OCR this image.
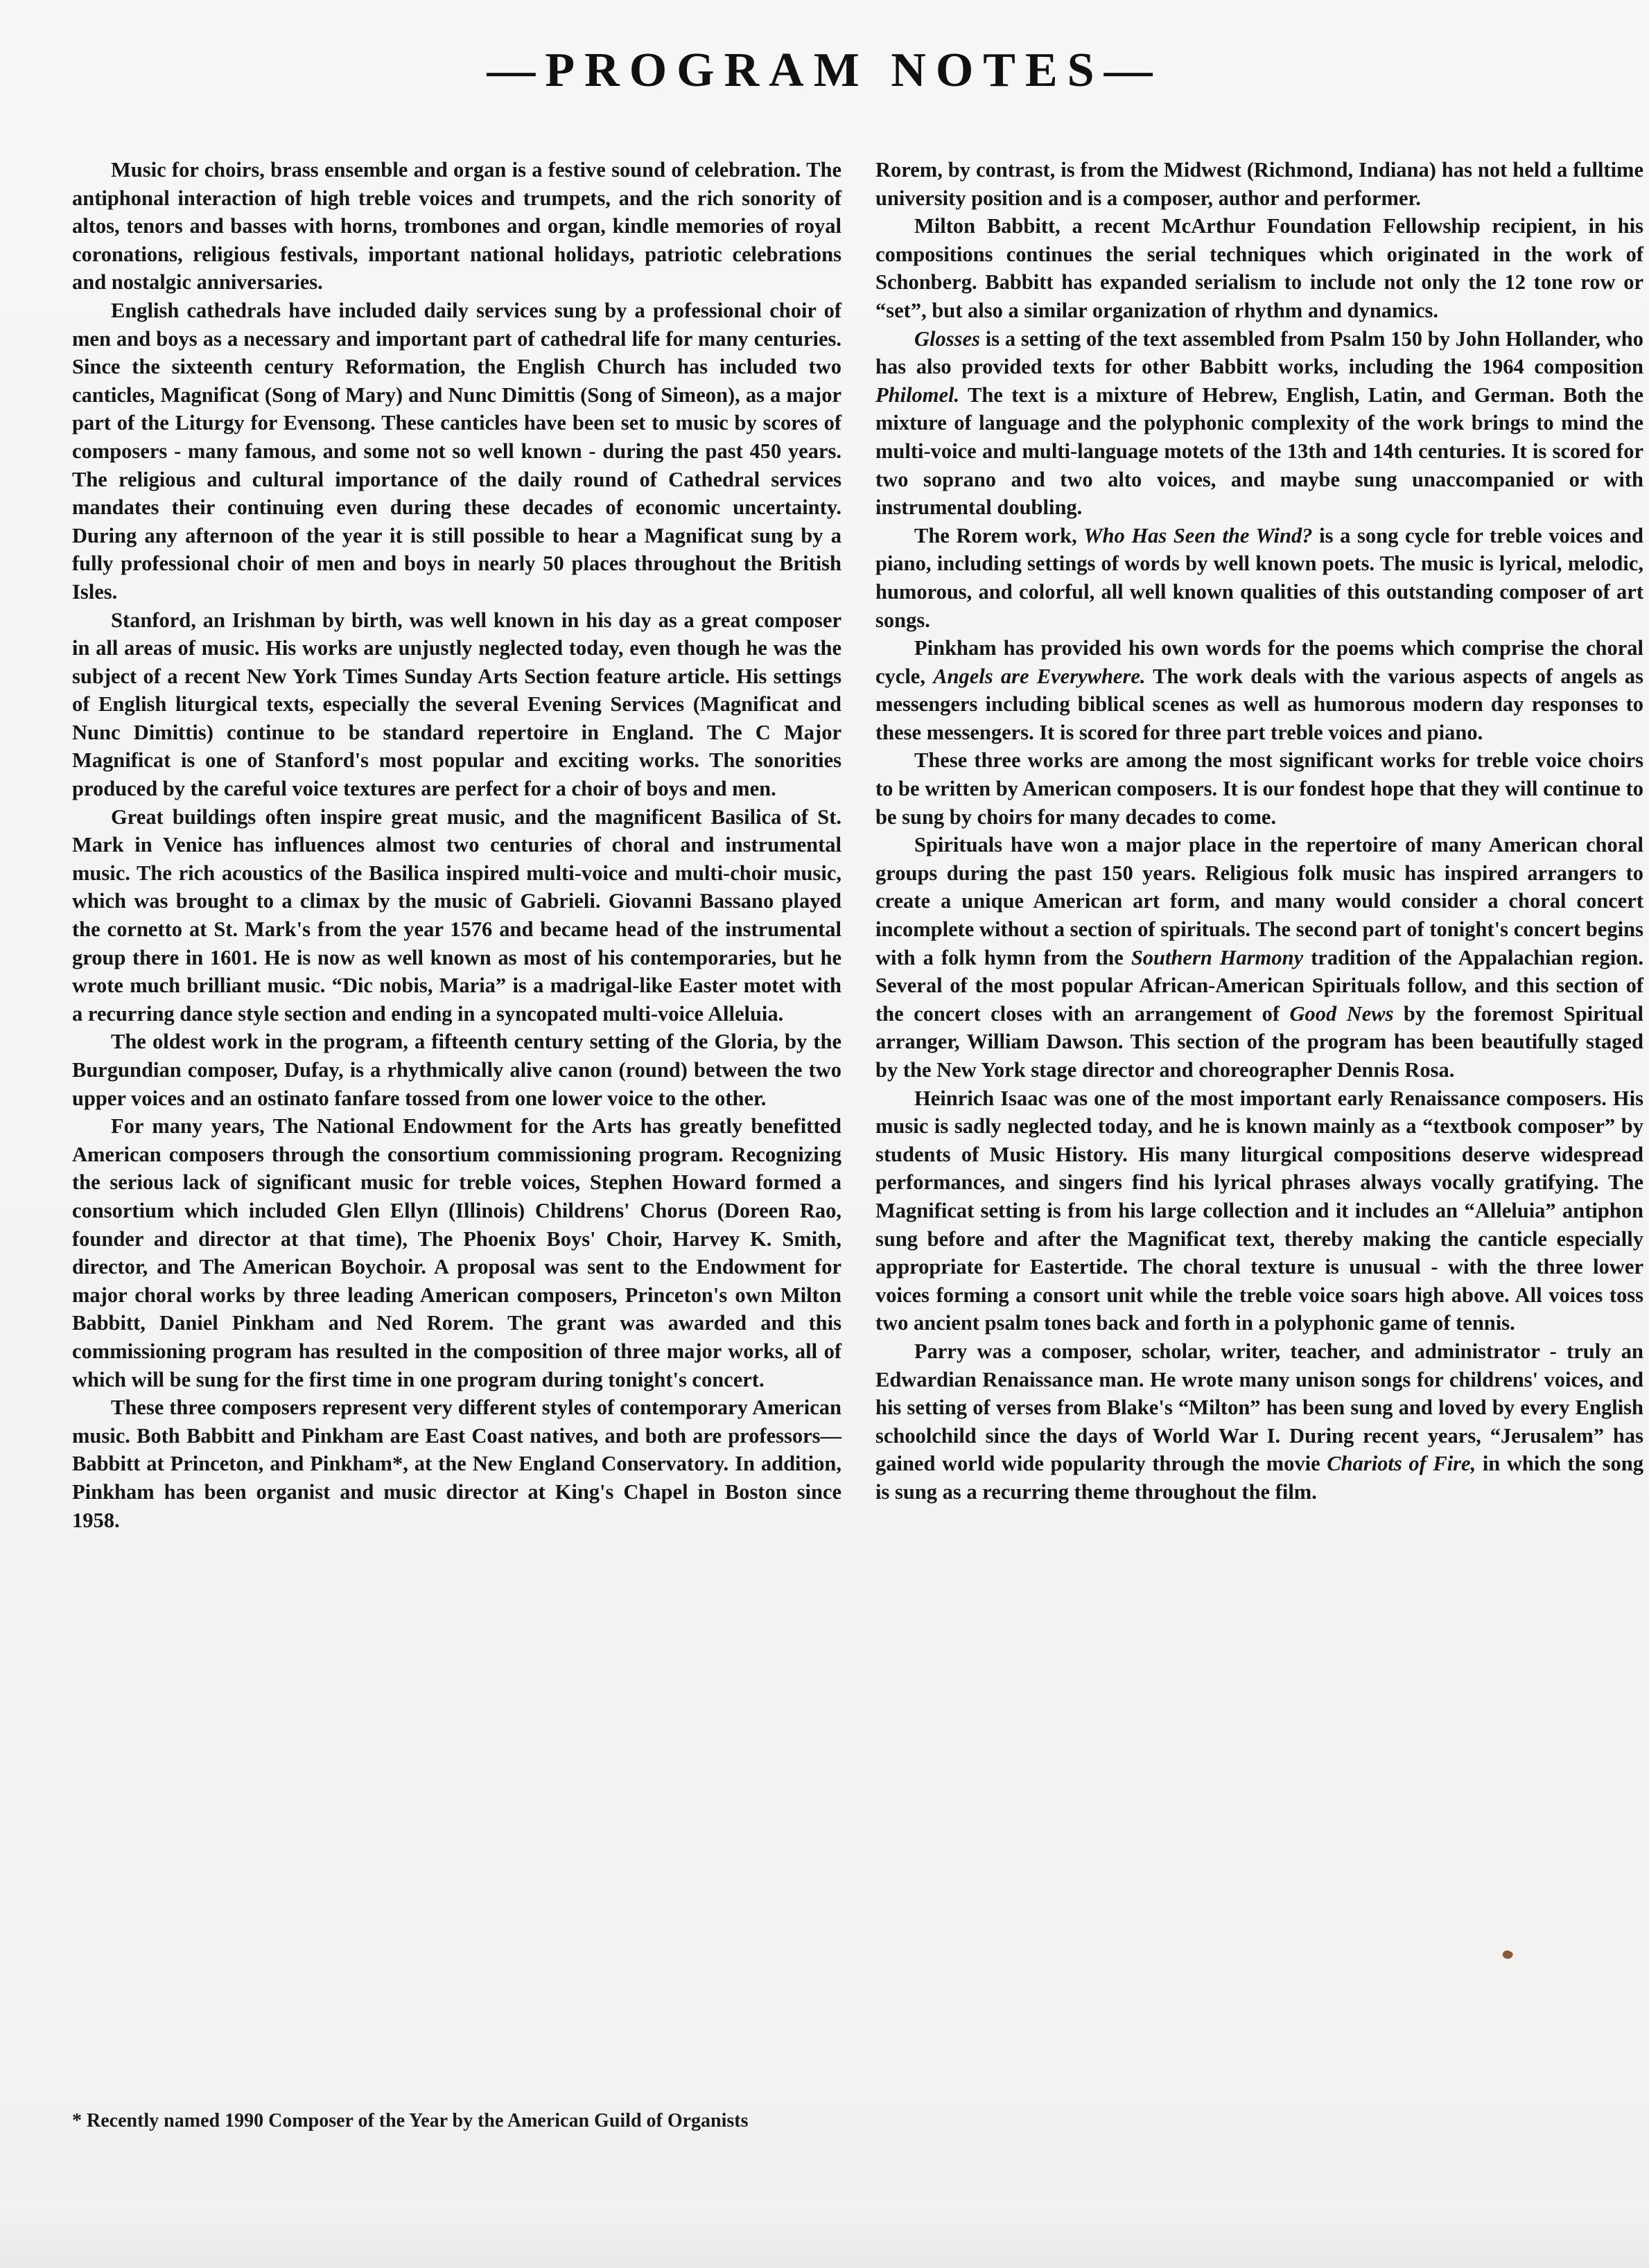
—PROGRAM NOTES—

Music for choirs, brass ensemble and organ is a festive sound of celebration. The antiphonal interaction of high treble voices and trumpets, and the rich sonority of altos, tenors and basses with horns, trombones and organ, kindle memories of royal coronations, religious festivals, important national holidays, patriotic celebrations and nostalgic anniversaries.

English cathedrals have included daily services sung by a professional choir of men and boys as a necessary and important part of cathedral life for many centuries. Since the sixteenth century Reformation, the English Church has included two canticles, Magnificat (Song of Mary) and Nunc Dimittis (Song of Simeon), as a major part of the Liturgy for Evensong. These canticles have been set to music by scores of composers - many famous, and some not so well known - during the past 450 years. The religious and cultural importance of the daily round of Cathedral services mandates their continuing even during these decades of economic uncertainty. During any afternoon of the year it is still possible to hear a Magnificat sung by a fully professional choir of men and boys in nearly 50 places throughout the British Isles.

Stanford, an Irishman by birth, was well known in his day as a great composer in all areas of music. His works are unjustly neglected today, even though he was the subject of a recent New York Times Sunday Arts Section feature article. His settings of English liturgical texts, especially the several Evening Services (Magnificat and Nunc Dimittis) continue to be standard repertoire in England. The C Major Magnificat is one of Stanford's most popular and exciting works. The sonorities produced by the careful voice textures are perfect for a choir of boys and men.

Great buildings often inspire great music, and the magnificent Basilica of St. Mark in Venice has influences almost two centuries of choral and instrumental music. The rich acoustics of the Basilica inspired multi-voice and multi-choir music, which was brought to a climax by the music of Gabrieli. Giovanni Bassano played the cornetto at St. Mark's from the year 1576 and became head of the instrumental group there in 1601. He is now as well known as most of his contemporaries, but he wrote much brilliant music. “Dic nobis, Maria” is a madrigal-like Easter motet with a recurring dance style section and ending in a syncopated multi-voice Alleluia.

The oldest work in the program, a fifteenth century setting of the Gloria, by the Burgundian composer, Dufay, is a rhythmically alive canon (round) between the two upper voices and an ostinato fanfare tossed from one lower voice to the other.

For many years, The National Endowment for the Arts has greatly benefitted American composers through the consortium commissioning program. Recognizing the serious lack of significant music for treble voices, Stephen Howard formed a consortium which included Glen Ellyn (Illinois) Childrens' Chorus (Doreen Rao, founder and director at that time), The Phoenix Boys' Choir, Harvey K. Smith, director, and The American Boychoir. A proposal was sent to the Endowment for major choral works by three leading American composers, Princeton's own Milton Babbitt, Daniel Pinkham and Ned Rorem. The grant was awarded and this commissioning program has resulted in the composition of three major works, all of which will be sung for the first time in one program during tonight's concert.

These three composers represent very different styles of contemporary American music. Both Babbitt and Pinkham are East Coast natives, and both are professors—Babbitt at Princeton, and Pinkham*, at the New England Conservatory. In addition, Pinkham has been organist and music director at King's Chapel in Boston since 1958.

Rorem, by contrast, is from the Midwest (Richmond, Indiana) has not held a fulltime university position and is a composer, author and performer.

Milton Babbitt, a recent McArthur Foundation Fellowship recipient, in his compositions continues the serial techniques which originated in the work of Schonberg. Babbitt has expanded serialism to include not only the 12 tone row or “set”, but also a similar organization of rhythm and dynamics.

Glosses is a setting of the text assembled from Psalm 150 by John Hollander, who has also provided texts for other Babbitt works, including the 1964 composition Philomel. The text is a mixture of Hebrew, English, Latin, and German. Both the mixture of language and the polyphonic complexity of the work brings to mind the multi-voice and multi-language motets of the 13th and 14th centuries. It is scored for two soprano and two alto voices, and maybe sung unaccompanied or with instrumental doubling.

The Rorem work, Who Has Seen the Wind? is a song cycle for treble voices and piano, including settings of words by well known poets. The music is lyrical, melodic, humorous, and colorful, all well known qualities of this outstanding composer of art songs.

Pinkham has provided his own words for the poems which comprise the choral cycle, Angels are Everywhere. The work deals with the various aspects of angels as messengers including biblical scenes as well as humorous modern day responses to these messengers. It is scored for three part treble voices and piano.

These three works are among the most significant works for treble voice choirs to be written by American composers. It is our fondest hope that they will continue to be sung by choirs for many decades to come.

Spirituals have won a major place in the repertoire of many American choral groups during the past 150 years. Religious folk music has inspired arrangers to create a unique American art form, and many would consider a choral concert incomplete without a section of spirituals. The second part of tonight's concert begins with a folk hymn from the Southern Harmony tradition of the Appalachian region. Several of the most popular African-American Spirituals follow, and this section of the concert closes with an arrangement of Good News by the foremost Spiritual arranger, William Dawson. This section of the program has been beautifully staged by the New York stage director and choreographer Dennis Rosa.

Heinrich Isaac was one of the most important early Renaissance composers. His music is sadly neglected today, and he is known mainly as a “textbook composer” by students of Music History. His many liturgical compositions deserve widespread performances, and singers find his lyrical phrases always vocally gratifying. The Magnificat setting is from his large collection and it includes an “Alleluia” antiphon sung before and after the Magnificat text, thereby making the canticle especially appropriate for Eastertide. The choral texture is unusual - with the three lower voices forming a consort unit while the treble voice soars high above. All voices toss two ancient psalm tones back and forth in a polyphonic game of tennis.

Parry was a composer, scholar, writer, teacher, and administrator - truly an Edwardian Renaissance man. He wrote many unison songs for childrens' voices, and his setting of verses from Blake's “Milton” has been sung and loved by every English schoolchild since the days of World War I. During recent years, “Jerusalem” has gained world wide popularity through the movie Chariots of Fire, in which the song is sung as a recurring theme throughout the film.

* Recently named 1990 Composer of the Year by the American Guild of Organists
